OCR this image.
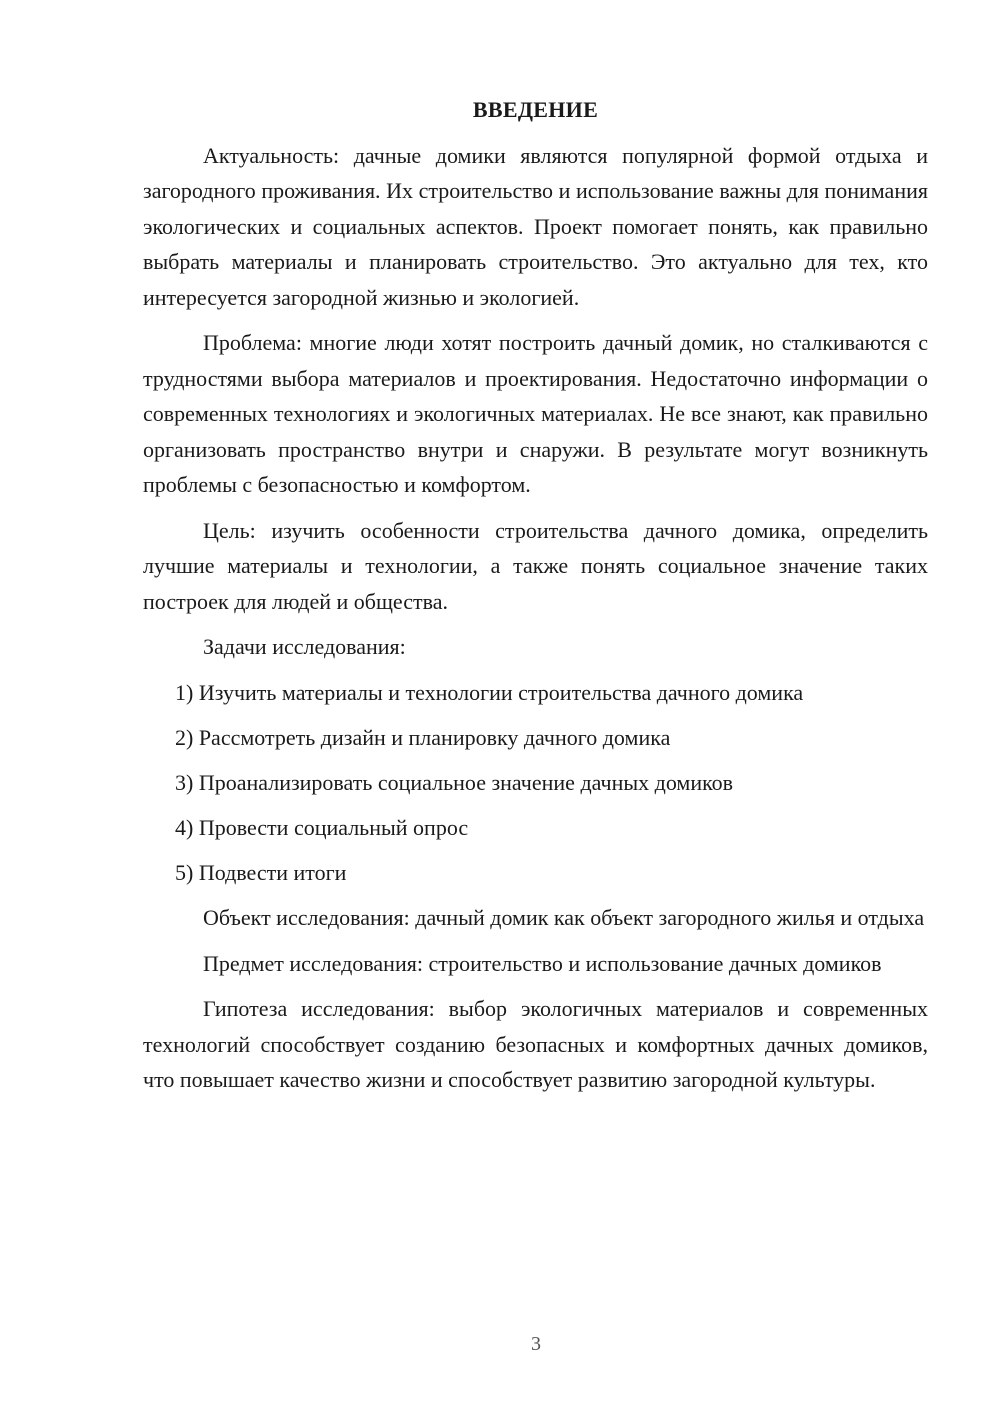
ВВЕДЕНИЕ

Актуальность: дачные домики являются популярной формой отдыха и загородного проживания. Их строительство и использование важны для понимания экологических и социальных аспектов. Проект помогает понять, как правильно выбрать материалы и планировать строительство. Это актуально для тех, кто интересуется загородной жизнью и экологией.

Проблема: многие люди хотят построить дачный домик, но сталкиваются с трудностями выбора материалов и проектирования. Недостаточно информации о современных технологиях и экологичных материалах. Не все знают, как правильно организовать пространство внутри и снаружи. В результате могут возникнуть проблемы с безопасностью и комфортом.

Цель: изучить особенности строительства дачного домика, определить лучшие материалы и технологии, а также понять социальное значение таких построек для людей и общества.

Задачи исследования:

1) Изучить материалы и технологии строительства дачного домика
2) Рассмотреть дизайн и планировку дачного домика
3) Проанализировать социальное значение дачных домиков
4) Провести социальный опрос
5) Подвести итоги

Объект исследования: дачный домик как объект загородного жилья и отдыха

Предмет исследования: строительство и использование дачных домиков

Гипотеза исследования: выбор экологичных материалов и современных технологий способствует созданию безопасных и комфортных дачных домиков, что повышает качество жизни и способствует развитию загородной культуры.

3
